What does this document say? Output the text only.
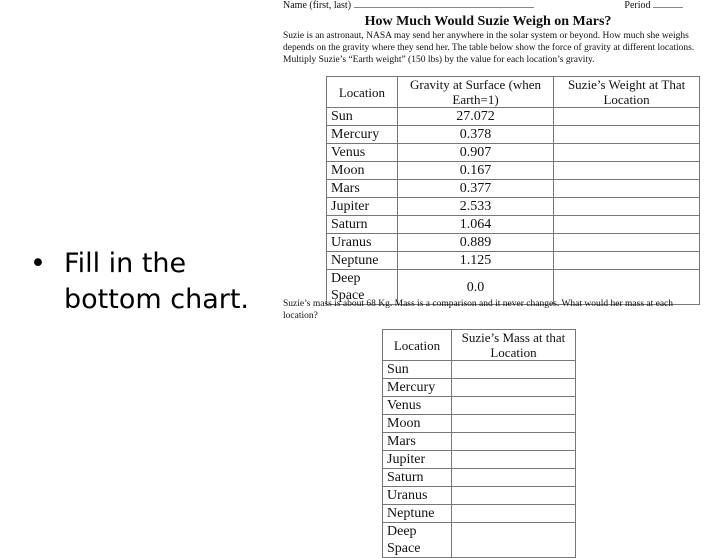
• Fill in the bottom chart.
Name (first, last)	Period
How Much Would Suzie Weigh on Mars?
Suzie is an astronaut, NASA may send her anywhere in the solar system or beyond. How much she weighs depends on the gravity where they send her. The table below show the force of gravity at different locations. Multiply Suzie’s “Earth weight” (150 lbs) by the value for each location’s gravity.
Location	Gravity at Surface (when Earth=1)	Suzie’s Weight at That Location
Sun	27.072	
Mercury	0.378	
Venus	0.907	
Moon	0.167	
Mars	0.377	
Jupiter	2.533	
Saturn	1.064	
Uranus	0.889	
Neptune	1.125	
Deep Space	0.0	
Suzie’s mass is about 68 Kg. Mass is a comparison and it never changes. What would her mass at each location?
Location	Suzie’s Mass at that Location
Sun	
Mercury	
Venus	
Moon	
Mars	
Jupiter	
Saturn	
Uranus	
Neptune	
Deep Space	
